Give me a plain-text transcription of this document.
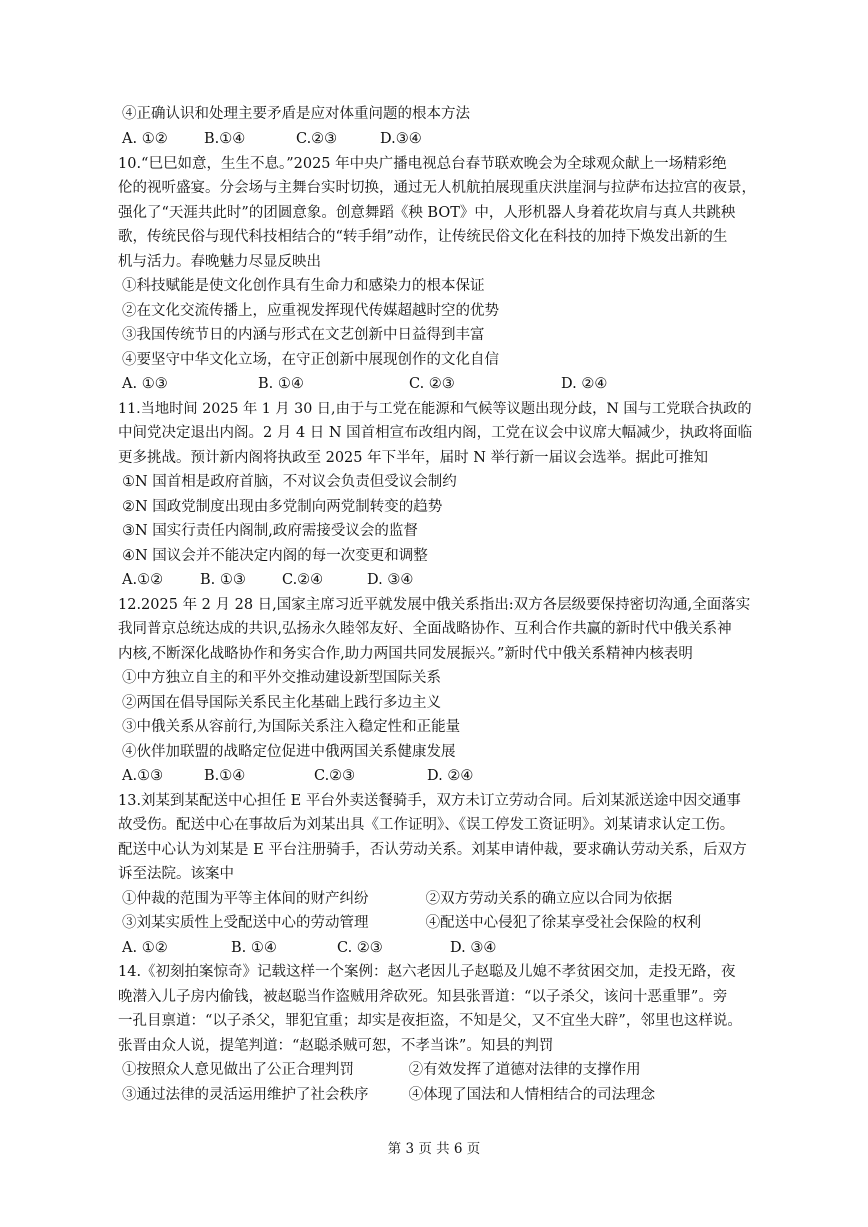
④正确认识和处理主要矛盾是应对体重问题的根本方法
A. ①②	B.①④	C.②③	D.③④
10.“巳巳如意，生生不息。”2025 年中央广播电视总台春节联欢晚会为全球观众献上一场精彩绝
伦的视听盛宴。分会场与主舞台实时切换，通过无人机航拍展现重庆洪崖洞与拉萨布达拉宫的夜景，
强化了“天涯共此时”的团圆意象。创意舞蹈《秧 BOT》中，人形机器人身着花坎肩与真人共跳秧
歌，传统民俗与现代科技相结合的“转手绢”动作，让传统民俗文化在科技的加持下焕发出新的生
机与活力。春晚魅力尽显反映出
①科技赋能是使文化创作具有生命力和感染力的根本保证
②在文化交流传播上，应重视发挥现代传媒超越时空的优势
③我国传统节日的内涵与形式在文艺创新中日益得到丰富
④要坚守中华文化立场，在守正创新中展现创作的文化自信
A. ①③	B. ①④	C. ②③	D. ②④
11.当地时间 2025 年 1 月 30 日,由于与工党在能源和气候等议题出现分歧，N 国与工党联合执政的
中间党决定退出内阁。2 月 4 日 N 国首相宣布改组内阁，工党在议会中议席大幅减少，执政将面临
更多挑战。预计新内阁将执政至 2025 年下半年，届时 N 举行新一届议会选举。据此可推知
①N 国首相是政府首脑，不对议会负责但受议会制约
②N 国政党制度出现由多党制向两党制转变的趋势
③N 国实行责任内阁制,政府需接受议会的监督
④N 国议会并不能决定内阁的每一次变更和调整
A.①②	B. ①③	C.②④	D. ③④
12.2025 年 2 月 28 日,国家主席习近平就发展中俄关系指出:双方各层级要保持密切沟通,全面落实
我同普京总统达成的共识,弘扬永久睦邻友好、全面战略协作、互利合作共赢的新时代中俄关系神
内核,不断深化战略协作和务实合作,助力两国共同发展振兴。”新时代中俄关系精神内核表明
①中方独立自主的和平外交推动建设新型国际关系
②两国在倡导国际关系民主化基础上践行多边主义
③中俄关系从容前行,为国际关系注入稳定性和正能量
④伙伴加联盟的战略定位促进中俄两国关系健康发展
A.①③	B.①④	C.②③	D. ②④
13.刘某到某配送中心担任 E 平台外卖送餐骑手，双方未订立劳动合同。后刘某派送途中因交通事
故受伤。配送中心在事故后为刘某出具《工作证明》、《误工停发工资证明》。刘某请求认定工伤。
配送中心认为刘某是 E 平台注册骑手，否认劳动关系。刘某申请仲裁，要求确认劳动关系，后双方
诉至法院。该案中
①仲裁的范围为平等主体间的财产纠纷	②双方劳动关系的确立应以合同为依据
③刘某实质性上受配送中心的劳动管理	④配送中心侵犯了徐某享受社会保险的权利
A. ①②	B. ①④	C. ②③	D. ③④
14.《初刻拍案惊奇》记载这样一个案例：赵六老因儿子赵聪及儿媳不孝贫困交加，走投无路，夜
晚潜入儿子房内偷钱，被赵聪当作盗贼用斧砍死。知县张晋道：“以子杀父，该问十恶重罪”。旁
一孔目禀道：“以子杀父，罪犯宜重；却实是夜拒盗，不知是父，又不宜坐大辟”，邻里也这样说。
张晋由众人说，提笔判道：“赵聪杀贼可恕，不孝当诛”。知县的判罚
①按照众人意见做出了公正合理判罚	②有效发挥了道德对法律的支撑作用
③通过法律的灵活运用维护了社会秩序	④体现了国法和人情相结合的司法理念
第 3 页 共 6 页
